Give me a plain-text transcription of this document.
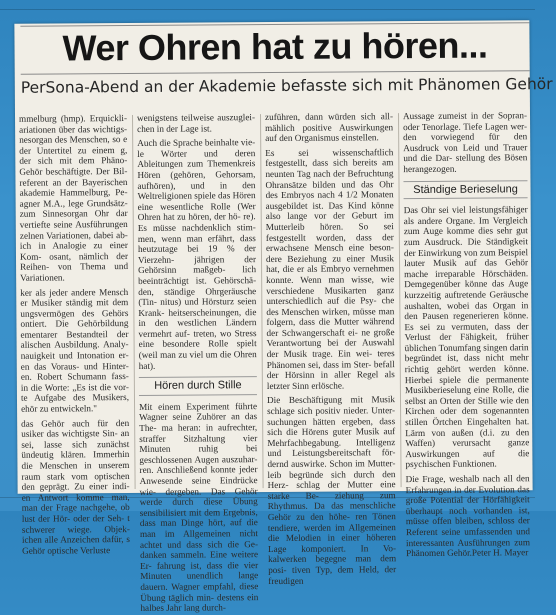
Wer Ohren hat zu hören...
PerSona-Abend an der Akademie befasste sich mit Phänomen Gehör

mmelburg (hmp). Erquickli- ariationen über das wichtigs- nesorgan des Menschen, so e der Untertitel zu einem g, der sich mit dem Phäno- Gehör beschäftigte. Der Bil- referent an der Bayerischen akademie Hammelburg, Pe- agner M.A., lege Grundsätz- zum Sinnesorgan Ohr dar vertiefte seine Ausführungen zelnen Variationen, dabei ab- ich in Analogie zu einer Kom- osant, nämlich der Reihen- von Thema und Variationen.

ker als jeder andere Mensch er Musiker ständig mit dem ungsvermögen des Gehörs ontiert. Die Gehörbildung ementarer Bestandteil der alischen Ausbildung. Analy- nauigkeit und Intonation er- en das Voraus- und Hinter- en. Robert Schumann fass- in die Worte: „Es ist die vor- te Aufgabe des Musikers, ehör zu entwickeln."

das Gehör auch für den usiker das wichtigste Sin- an sei, lasse sich zunächst ündeutig klären. Immerhin die Menschen in unserem raum stark vom optischen den geprägt. Zu einer indi- en Antwort komme man, man der Frage nachgehe, ob lust der Hör- oder der Seh- t schwerer wiege. Objek- ichen alle Anzeichen dafür, s Gehör optische Verluste

wenigstens teilweise auszuglei- chen in der Lage ist.

Auch die Sprache beinhalte vie- le Wörter und deren Ableitungen zum Themenkreis Hören (gehören, Gehorsam, aufhören), und in den Weltreligionen spiele das Hören eine wesentliche Rolle (Wer Ohren hat zu hören, der hö- re). Es müsse nachdenklich stim- men, wenn man erfährt, dass heutzutage bei 19 % der Vierzehn- jährigen der Gehörsinn maßgeb- lich beeinträchtigt ist. Gehörschä- den, ständige Ohrgeräusche (Tin- nitus) und Hörsturz seien Krank- heitserscheinungen, die in den westlichen Ländern vermehrt auf- treten, wo Stress eine besondere Rolle spielt (weil man zu viel um die Ohren hat).

Hören durch Stille

Mit einem Experiment führte Wagner seine Zuhörer an das The- ma heran: in aufrechter, straffer Sitzhaltung vier Minuten ruhig bei geschlossenen Augen auszuhar- ren. Anschließend konnte jeder Anwesende seine Eindrücke wie- dergeben. Das Gehör werde durch diese Übung sensibilisiert mit dem Ergebnis, dass man Dinge hört, auf die man im Allgemeinen nicht achtet und dass sich die Ge- danken sammeln. Eine weitere Er- fahrung ist, dass die vier Minuten unendlich lange dauern. Wagner empfahl, diese Übung täglich min- destens ein halbes Jahr lang durch-

zuführen, dann würden sich all- mählich positive Auswirkungen auf den Organismus einstellen.

Es sei wissenschaftlich festgestellt, dass sich bereits am neunten Tag nach der Befruchtung Ohransätze bilden und das Ohr des Embryos nach 4 1/2 Monaten ausgebildet ist. Das Kind könne also lange vor der Geburt im Mutterleib hören. So sei festgestellt worden, dass der erwachsene Mensch eine beson- dere Beziehung zu einer Musik hat, die er als Embryo vernehmen konnte. Wenn man wisse, wie verschiedene Musikarten ganz unterschiedlich auf die Psy- che des Menschen wirken, müsse man folgern, dass die Mutter während der Schwangerschaft ei- ne große Verantwortung bei der Auswahl der Musik trage. Ein wei- teres Phänomen sei, dass im Ster- befall der Hörsinn in aller Regel als letzter Sinn erlösche.

Die Beschäftigung mit Musik schlage sich positiv nieder. Unter- suchungen hätten ergeben, dass sich die Hörens guter Musik auf Mehrfachbegabung. Intelligenz und Leistungsbereitschaft för- dernd auswirke. Schon im Mutter- leib begründe sich durch den Herz- schlag der Mutter eine starke Be- ziehung zum Rhythmus. Da das menschliche Gehör zu den höhe- ren Tönen tendiere, werden im Allgemeinen die Melodien in einer höheren Lage komponiert. In Vo- kalwerken begegne man dem posi- tiven Typ, dem Held, der freudigen

Aussage zumeist in der Sopran- oder Tenorlage. Tiefe Lagen wer- den vorwiegend für den Ausdruck von Leid und Trauer und die Dar- stellung des Bösen herangezogen.

Ständige Berieselung

Das Ohr sei viel leistungsfähiger als andere Organe. Im Vergleich zum Auge komme dies sehr gut zum Ausdruck. Die Ständigkeit der Einwirkung von zum Beispiel lauter Musik auf das Gehör mache irreparable Hörschäden. Demgegenüber könne das Auge kurzzeitig auftretende Geräusche aushalten, wobei das Organ in den Pausen regenerieren könne. Es sei zu vermuten, dass der Verlust der Fähigkeit, früher üblichen Tonumfang singen darin begründet ist, dass nicht mehr richtig gehört werden könne. Hierbei spiele die permanente Musikberieselung eine Rolle, die selbst an Orten der Stille wie den Kirchen oder dem sogenannten stillen Örtchen Eingehalten hat. Lärm von außen (d.i. zu den Waffen) verursacht ganze Auswirkungen auf die psychischen Funktionen.

Die Frage, weshalb nach all den Erfahrungen in der Evolution das große Potential der Hörfähigkeit überhaupt noch vorhanden ist, müsse offen bleiben, schloss der Referent seine umfassenden und interessanten Ausführungen zum Phänomen Gehör.Peter H. Mayer
